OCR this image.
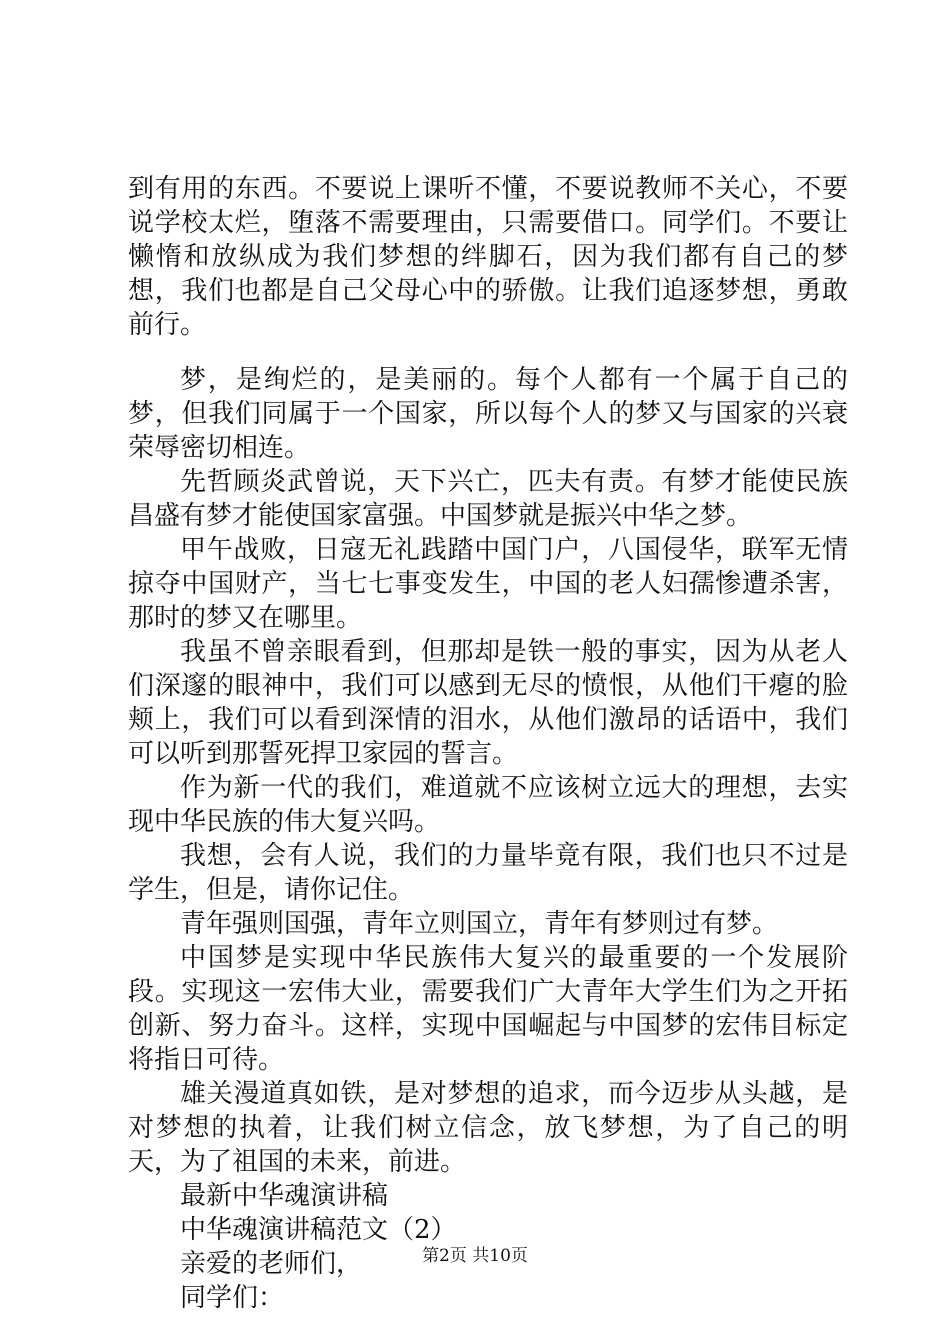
到有用的东西。不要说上课听不懂，不要说教师不关心，不要说学校太烂，堕落不需要理由，只需要借口。同学们。不要让懒惰和放纵成为我们梦想的绊脚石，因为我们都有自己的梦想，我们也都是自己父母心中的骄傲。让我们追逐梦想，勇敢前行。

梦，是绚烂的，是美丽的。每个人都有一个属于自己的梦，但我们同属于一个国家，所以每个人的梦又与国家的兴衰荣辱密切相连。

先哲顾炎武曾说，天下兴亡，匹夫有责。有梦才能使民族昌盛有梦才能使国家富强。中国梦就是振兴中华之梦。

甲午战败，日寇无礼践踏中国门户，八国侵华，联军无情掠夺中国财产，当七七事变发生，中国的老人妇孺惨遭杀害，那时的梦又在哪里。

我虽不曾亲眼看到，但那却是铁一般的事实，因为从老人们深邃的眼神中，我们可以感到无尽的愤恨，从他们干瘪的脸颊上，我们可以看到深情的泪水，从他们激昂的话语中，我们可以听到那誓死捍卫家园的誓言。

作为新一代的我们，难道就不应该树立远大的理想，去实现中华民族的伟大复兴吗。

我想，会有人说，我们的力量毕竟有限，我们也只不过是学生，但是，请你记住。

青年强则国强，青年立则国立，青年有梦则过有梦。

中国梦是实现中华民族伟大复兴的最重要的一个发展阶段。实现这一宏伟大业，需要我们广大青年大学生们为之开拓创新、努力奋斗。这样，实现中国崛起与中国梦的宏伟目标定将指日可待。

雄关漫道真如铁，是对梦想的追求，而今迈步从头越，是对梦想的执着，让我们树立信念，放飞梦想，为了自己的明天，为了祖国的未来，前进。

最新中华魂演讲稿

中华魂演讲稿范文（2）

亲爱的老师们，

同学们：

第2页 共10页
